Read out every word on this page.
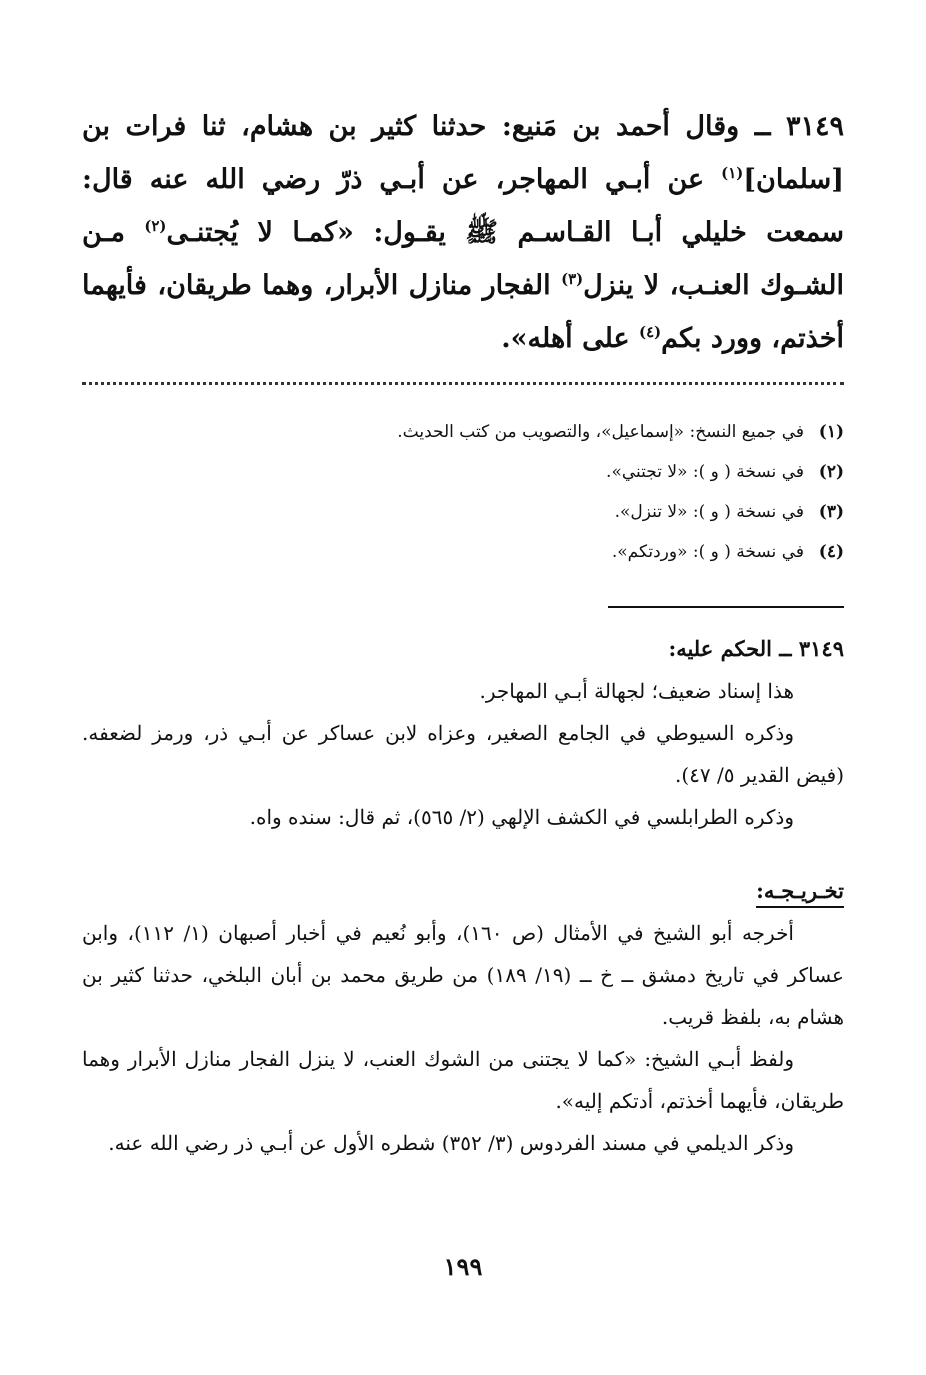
٣١٤٩ ــ وقال أحمد بن مَنيع: حدثنا كثير بن هشام، ثنا فرات بن [سلمان]$^{(١)}$ عن أبـي المهاجر، عن أبـي ذرّ رضي الله عنه قال: سمعت خليلي أبـا القـاسـم ﷺ يقـول: «كمـا لا يُجتنـى$^{(٢)}$ مـن الشـوك العنـب، لا ينزل$^{(٣)}$ الفجار منازل الأبرار، وهما طريقان، فأيهما أخذتم، وورد بكم$^{(٤)}$ على أهله».
(١)في جميع النسخ: «إسماعيل»، والتصويب من كتب الحديث.
(٢)في نسخة ( و ): «لا تجتني».
(٣)في نسخة ( و ): «لا تنزل».
(٤)في نسخة ( و ): «وردتكم».
٣١٤٩ ــ الحكم عليه:
هذا إسناد ضعيف؛ لجهالة أبـي المهاجر.
وذكره السيوطي في الجامع الصغير، وعزاه لابن عساكر عن أبـي ذر، ورمز لضعفه. (فيض القدير ٥/ ٤٧).
وذكره الطرابلسي في الكشف الإلهي (٢/ ٥٦٥)، ثم قال: سنده واه.
تخـريـجـه:
أخرجه أبو الشيخ في الأمثال (ص ١٦٠)، وأبو نُعيم في أخبار أصبهان (١/ ١١٢)، وابن عساكر في تاريخ دمشق ــ خ ــ (١٩/ ١٨٩) من طريق محمد بن أبان البلخي، حدثنا كثير بن هشام به، بلفظ قريب.
ولفظ أبـي الشيخ: «كما لا يجتنى من الشوك العنب، لا ينزل الفجار منازل الأبرار وهما طريقان، فأيهما أخذتم، أدتكم إليه».
وذكر الديلمي في مسند الفردوس (٣/ ٣٥٢) شطره الأول عن أبـي ذر رضي الله عنه.
١٩٩
